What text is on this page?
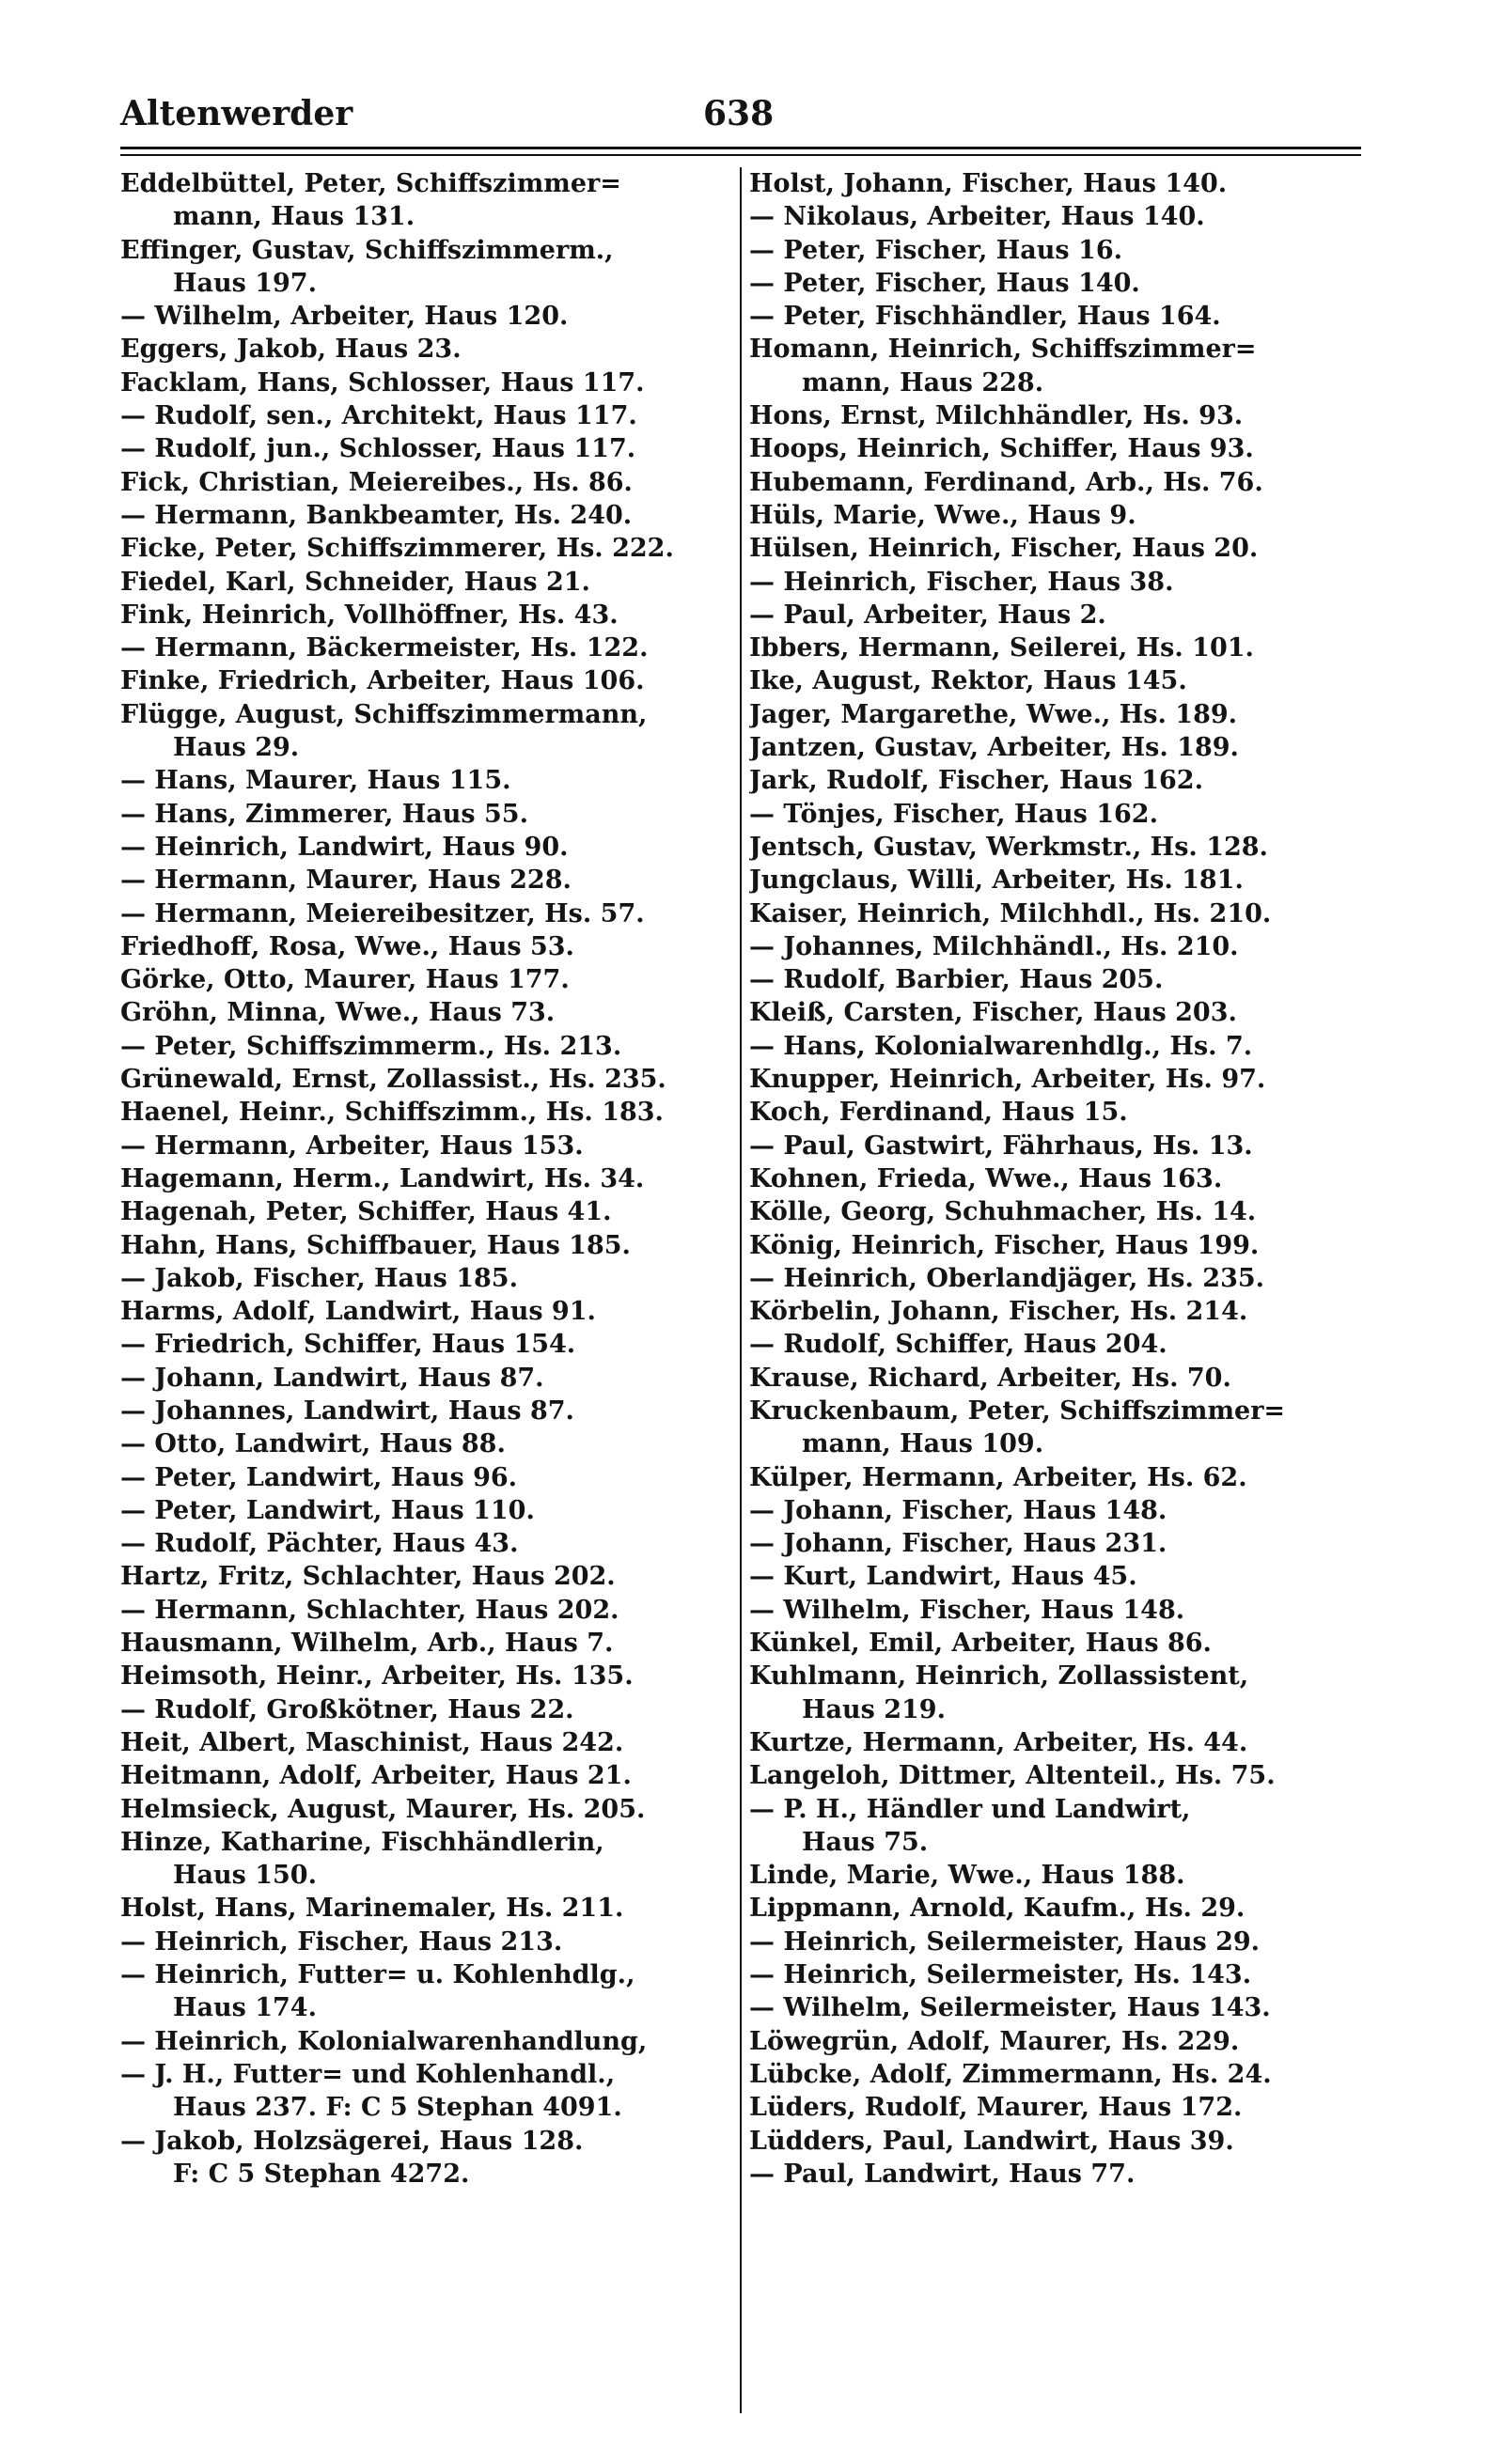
Altenwerder	638
Eddelbüttel, Peter, Schiffszimmer=
mann, Haus 131.
Effinger, Gustav, Schiffszimmerm.,
Haus 197.
— Wilhelm, Arbeiter, Haus 120.
Eggers, Jakob, Haus 23.
Facklam, Hans, Schlosser, Haus 117.
— Rudolf, sen., Architekt, Haus 117.
— Rudolf, jun., Schlosser, Haus 117.
Fick, Christian, Meiereibes., Hs. 86.
— Hermann, Bankbeamter, Hs. 240.
Ficke, Peter, Schiffszimmerer, Hs. 222.
Fiedel, Karl, Schneider, Haus 21.
Fink, Heinrich, Vollhöffner, Hs. 43.
— Hermann, Bäckermeister, Hs. 122.
Finke, Friedrich, Arbeiter, Haus 106.
Flügge, August, Schiffszimmermann,
Haus 29.
— Hans, Maurer, Haus 115.
— Hans, Zimmerer, Haus 55.
— Heinrich, Landwirt, Haus 90.
— Hermann, Maurer, Haus 228.
— Hermann, Meiereibesitzer, Hs. 57.
Friedhoff, Rosa, Wwe., Haus 53.
Görke, Otto, Maurer, Haus 177.
Gröhn, Minna, Wwe., Haus 73.
— Peter, Schiffszimmerm., Hs. 213.
Grünewald, Ernst, Zollassist., Hs. 235.
Haenel, Heinr., Schiffszimm., Hs. 183.
— Hermann, Arbeiter, Haus 153.
Hagemann, Herm., Landwirt, Hs. 34.
Hagenah, Peter, Schiffer, Haus 41.
Hahn, Hans, Schiffbauer, Haus 185.
— Jakob, Fischer, Haus 185.
Harms, Adolf, Landwirt, Haus 91.
— Friedrich, Schiffer, Haus 154.
— Johann, Landwirt, Haus 87.
— Johannes, Landwirt, Haus 87.
— Otto, Landwirt, Haus 88.
— Peter, Landwirt, Haus 96.
— Peter, Landwirt, Haus 110.
— Rudolf, Pächter, Haus 43.
Hartz, Fritz, Schlachter, Haus 202.
— Hermann, Schlachter, Haus 202.
Hausmann, Wilhelm, Arb., Haus 7.
Heimsoth, Heinr., Arbeiter, Hs. 135.
— Rudolf, Großkötner, Haus 22.
Heit, Albert, Maschinist, Haus 242.
Heitmann, Adolf, Arbeiter, Haus 21.
Helmsieck, August, Maurer, Hs. 205.
Hinze, Katharine, Fischhändlerin,
Haus 150.
Holst, Hans, Marinemaler, Hs. 211.
— Heinrich, Fischer, Haus 213.
— Heinrich, Futter= u. Kohlenhdlg.,
Haus 174.
— Heinrich, Kolonialwarenhandlung,
— J. H., Futter= und Kohlenhandl.,
Haus 237. F: C 5 Stephan 4091.
— Jakob, Holzsägerei, Haus 128.
F: C 5 Stephan 4272.
Holst, Johann, Fischer, Haus 140.
— Nikolaus, Arbeiter, Haus 140.
— Peter, Fischer, Haus 16.
— Peter, Fischer, Haus 140.
— Peter, Fischhändler, Haus 164.
Homann, Heinrich, Schiffszimmer=
mann, Haus 228.
Hons, Ernst, Milchhändler, Hs. 93.
Hoops, Heinrich, Schiffer, Haus 93.
Hubemann, Ferdinand, Arb., Hs. 76.
Hüls, Marie, Wwe., Haus 9.
Hülsen, Heinrich, Fischer, Haus 20.
— Heinrich, Fischer, Haus 38.
— Paul, Arbeiter, Haus 2.
Ibbers, Hermann, Seilerei, Hs. 101.
Ike, August, Rektor, Haus 145.
Jager, Margarethe, Wwe., Hs. 189.
Jantzen, Gustav, Arbeiter, Hs. 189.
Jark, Rudolf, Fischer, Haus 162.
— Tönjes, Fischer, Haus 162.
Jentsch, Gustav, Werkmstr., Hs. 128.
Jungclaus, Willi, Arbeiter, Hs. 181.
Kaiser, Heinrich, Milchhdl., Hs. 210.
— Johannes, Milchhändl., Hs. 210.
— Rudolf, Barbier, Haus 205.
Kleiß, Carsten, Fischer, Haus 203.
— Hans, Kolonialwarenhdlg., Hs. 7.
Knupper, Heinrich, Arbeiter, Hs. 97.
Koch, Ferdinand, Haus 15.
— Paul, Gastwirt, Fährhaus, Hs. 13.
Kohnen, Frieda, Wwe., Haus 163.
Kölle, Georg, Schuhmacher, Hs. 14.
König, Heinrich, Fischer, Haus 199.
— Heinrich, Oberlandjäger, Hs. 235.
Körbelin, Johann, Fischer, Hs. 214.
— Rudolf, Schiffer, Haus 204.
Krause, Richard, Arbeiter, Hs. 70.
Kruckenbaum, Peter, Schiffszimmer=
mann, Haus 109.
Külper, Hermann, Arbeiter, Hs. 62.
— Johann, Fischer, Haus 148.
— Johann, Fischer, Haus 231.
— Kurt, Landwirt, Haus 45.
— Wilhelm, Fischer, Haus 148.
Künkel, Emil, Arbeiter, Haus 86.
Kuhlmann, Heinrich, Zollassistent,
Haus 219.
Kurtze, Hermann, Arbeiter, Hs. 44.
Langeloh, Dittmer, Altenteil., Hs. 75.
— P. H., Händler und Landwirt,
Haus 75.
Linde, Marie, Wwe., Haus 188.
Lippmann, Arnold, Kaufm., Hs. 29.
— Heinrich, Seilermeister, Haus 29.
— Heinrich, Seilermeister, Hs. 143.
— Wilhelm, Seilermeister, Haus 143.
Löwegrün, Adolf, Maurer, Hs. 229.
Lübcke, Adolf, Zimmermann, Hs. 24.
Lüders, Rudolf, Maurer, Haus 172.
Lüdders, Paul, Landwirt, Haus 39.
— Paul, Landwirt, Haus 77.
